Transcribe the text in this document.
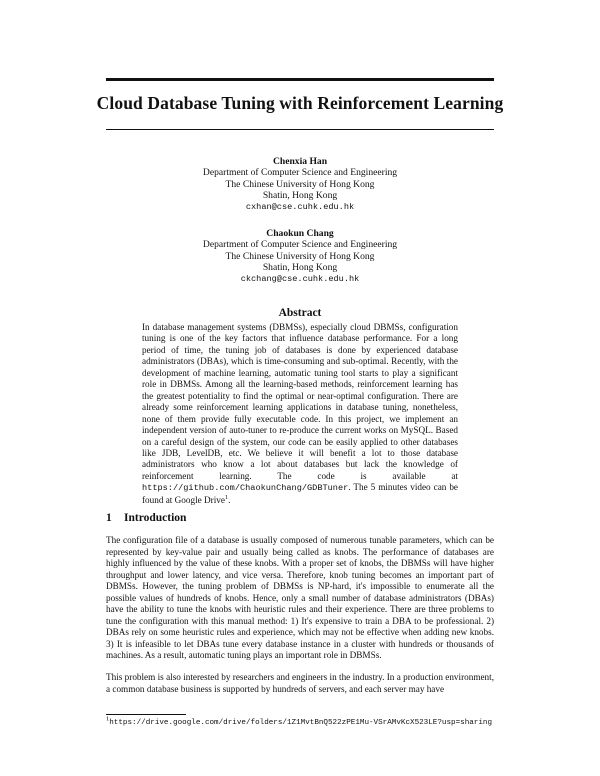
Cloud Database Tuning with Reinforcement Learning
Chenxia Han
Department of Computer Science and Engineering
The Chinese University of Hong Kong
Shatin, Hong Kong
cxhan@cse.cuhk.edu.hk
Chaokun Chang
Department of Computer Science and Engineering
The Chinese University of Hong Kong
Shatin, Hong Kong
ckchang@cse.cuhk.edu.hk
Abstract
In database management systems (DBMSs), especially cloud DBMSs, configuration tuning is one of the key factors that influence database performance. For a long period of time, the tuning job of databases is done by experienced database administrators (DBAs), which is time-consuming and sub-optimal. Recently, with the development of machine learning, automatic tuning tool starts to play a significant role in DBMSs. Among all the learning-based methods, reinforcement learning has the greatest potentiality to find the optimal or near-optimal configuration. There are already some reinforcement learning applications in database tuning, nonetheless, none of them provide fully executable code. In this project, we implement an independent version of auto-tuner to re-produce the current works on MySQL. Based on a careful design of the system, our code can be easily applied to other databases like JDB, LevelDB, etc. We believe it will benefit a lot to those database administrators who know a lot about databases but lack the knowledge of reinforcement learning. The code is available at https://github.com/ChaokunChang/GDBTuner. The 5 minutes video can be found at Google Drive$^1$.
1 Introduction
The configuration file of a database is usually composed of numerous tunable parameters, which can be represented by key-value pair and usually being called as knobs. The performance of databases are highly influenced by the value of these knobs. With a proper set of knobs, the DBMSs will have higher throughput and lower latency, and vice versa. Therefore, knob tuning becomes an important part of DBMSs. However, the tuning problem of DBMSs is NP-hard, it's impossible to enumerate all the possible values of hundreds of knobs. Hence, only a small number of database administrators (DBAs) have the ability to tune the knobs with heuristic rules and their experience. There are three problems to tune the configuration with this manual method: 1) It's expensive to train a DBA to be professional. 2) DBAs rely on some heuristic rules and experience, which may not be effective when adding new knobs. 3) It is infeasible to let DBAs tune every database instance in a cluster with hundreds or thousands of machines. As a result, automatic tuning plays an important role in DBMSs.
This problem is also interested by researchers and engineers in the industry. In a production environment, a common database business is supported by hundreds of servers, and each server may have
$^1$https://drive.google.com/drive/folders/1Z1MvtBnQ522zPE1Mu-VSrAMvKcX523LE?usp=sharing
